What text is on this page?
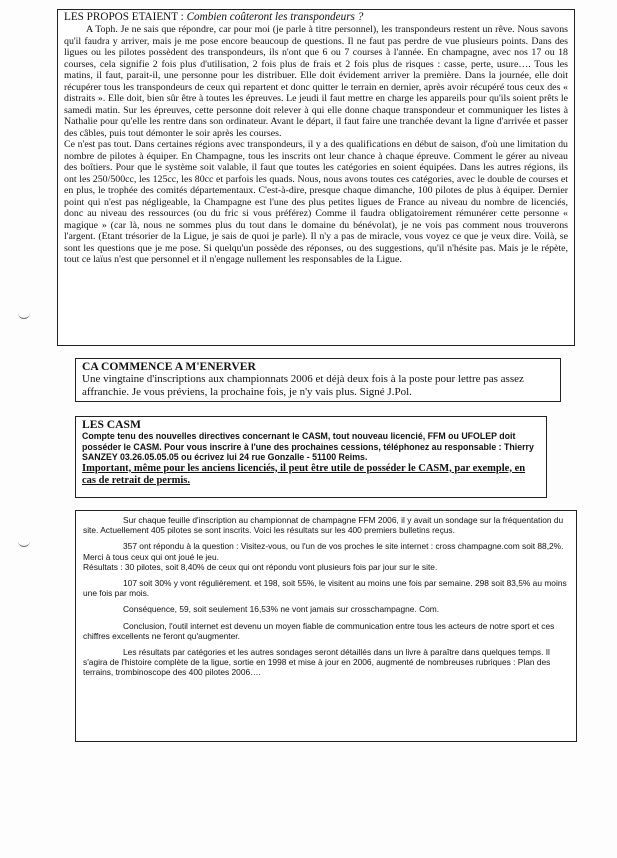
LES PROPOS ETAIENT : Combien coûteront les transpondeurs ?

A Toph. Je ne sais que répondre, car pour moi (je parle à titre personnel), les transpondeurs restent un rêve. Nous savons qu'il faudra y arriver, mais je me pose encore beaucoup de questions. Il ne faut pas perdre de vue plusieurs points. Dans des ligues ou les pilotes possèdent des transpondeurs, ils n'ont que 6 ou 7 courses à l'année. En champagne, avec nos 17 ou 18 courses, cela signifie 2 fois plus d'utilisation, 2 fois plus de frais et 2 fois plus de risques : casse, perte, usure…. Tous les matins, il faut, parait-il, une personne pour les distribuer. Elle doit évidement arriver la première. Dans la journée, elle doit récupérer tous les transpondeurs de ceux qui repartent et donc quitter le terrain en dernier, après avoir récupéré tous ceux des « distraits ». Elle doit, bien sûr être à toutes les épreuves. Le jeudi il faut mettre en charge les appareils pour qu'ils soient prêts le samedi matin. Sur les épreuves, cette personne doit relever à qui elle donne chaque transpondeur et communiquer les listes à Nathalie pour qu'elle les rentre dans son ordinateur. Avant le départ, il faut faire une tranchée devant la ligne d'arrivée et passer des câbles, puis tout démonter le soir après les courses.

Ce n'est pas tout. Dans certaines régions avec transpondeurs, il y a des qualifications en début de saison, d'où une limitation du nombre de pilotes à équiper. En Champagne, tous les inscrits ont leur chance à chaque épreuve. Comment le gérer au niveau des boîtiers. Pour que le système soit valable, il faut que toutes les catégories en soient équipées. Dans les autres régions, ils ont les 250/500cc, les 125cc, les 80cc et parfois les quads. Nous, nous avons toutes ces catégories, avec le double de courses et en plus, le trophée des comités départementaux. C'est-à-dire, presque chaque dimanche, 100 pilotes de plus à équiper. Dernier point qui n'est pas négligeable, la Champagne est l'une des plus petites ligues de France au niveau du nombre de licenciés, donc au niveau des ressources (ou du fric si vous préférez) Comme il faudra obligatoirement rémunérer cette personne « magique » (car là, nous ne sommes plus du tout dans le domaine du bénévolat), je ne vois pas comment nous trouverons l'argent. (Etant trésorier de la Ligue, je sais de quoi je parle). Il n'y a pas de miracle, vous voyez ce que je veux dire. Voilà, se sont les questions que je me pose. Si quelqu'un possède des réponses, ou des suggestions, qu'il n'hésite pas. Mais je le répète, tout ce laïus n'est que personnel et il n'engage nullement les responsables de la Ligue.

CA COMMENCE A M'ENERVER

Une vingtaine d'inscriptions aux championnats 2006 et déjà deux fois à la poste pour lettre pas assez affranchie. Je vous préviens, la prochaine fois, je n'y vais plus. Signé J.Pol.

LES CASM

Compte tenu des nouvelles directives concernant le CASM, tout nouveau licencié, FFM ou UFOLEP doit posséder le CASM. Pour vous inscrire à l'une des prochaines cessions, téléphonez au responsable : Thierry SANZEY 03.26.05.05.05 ou écrivez lui 24 rue Gonzalle - 51100 Reims.

Important, même pour les anciens licenciés, il peut être utile de posséder le CASM, par exemple, en cas de retrait de permis.

Sur chaque feuille d'inscription au championnat de champagne FFM 2006, il y avait un sondage sur la fréquentation du site. Actuellement 405 pilotes se sont inscrits. Voici les résultats sur les 400 premiers bulletins reçus.

357 ont répondu à la question : Visitez-vous, ou l'un de vos proches le site internet : cross champagne.com soit 88,2%. Merci à tous ceux qui ont joué le jeu.
Résultats : 30 pilotes, soit 8,40% de ceux qui ont répondu vont plusieurs fois par jour sur le site.

107 soit 30% y vont régulièrement. et 198, soit 55%, le visitent au moins une fois par semaine. 298 soit 83,5% au moins une fois par mois.

Conséquence, 59, soit seulement 16,53% ne vont jamais sur crosschampagne. Com.

Conclusion, l'outil internet est devenu un moyen fiable de communication entre tous les acteurs de notre sport et ces chiffres excellents ne feront qu'augmenter.

Les résultats par catégories et les autres sondages seront détaillés dans un livre à paraître dans quelques temps. Il s'agira de l'histoire complète de la ligue, sortie en 1998 et mise à jour en 2006, augmenté de nombreuses rubriques : Plan des terrains, trombinoscope des 400 pilotes 2006….
